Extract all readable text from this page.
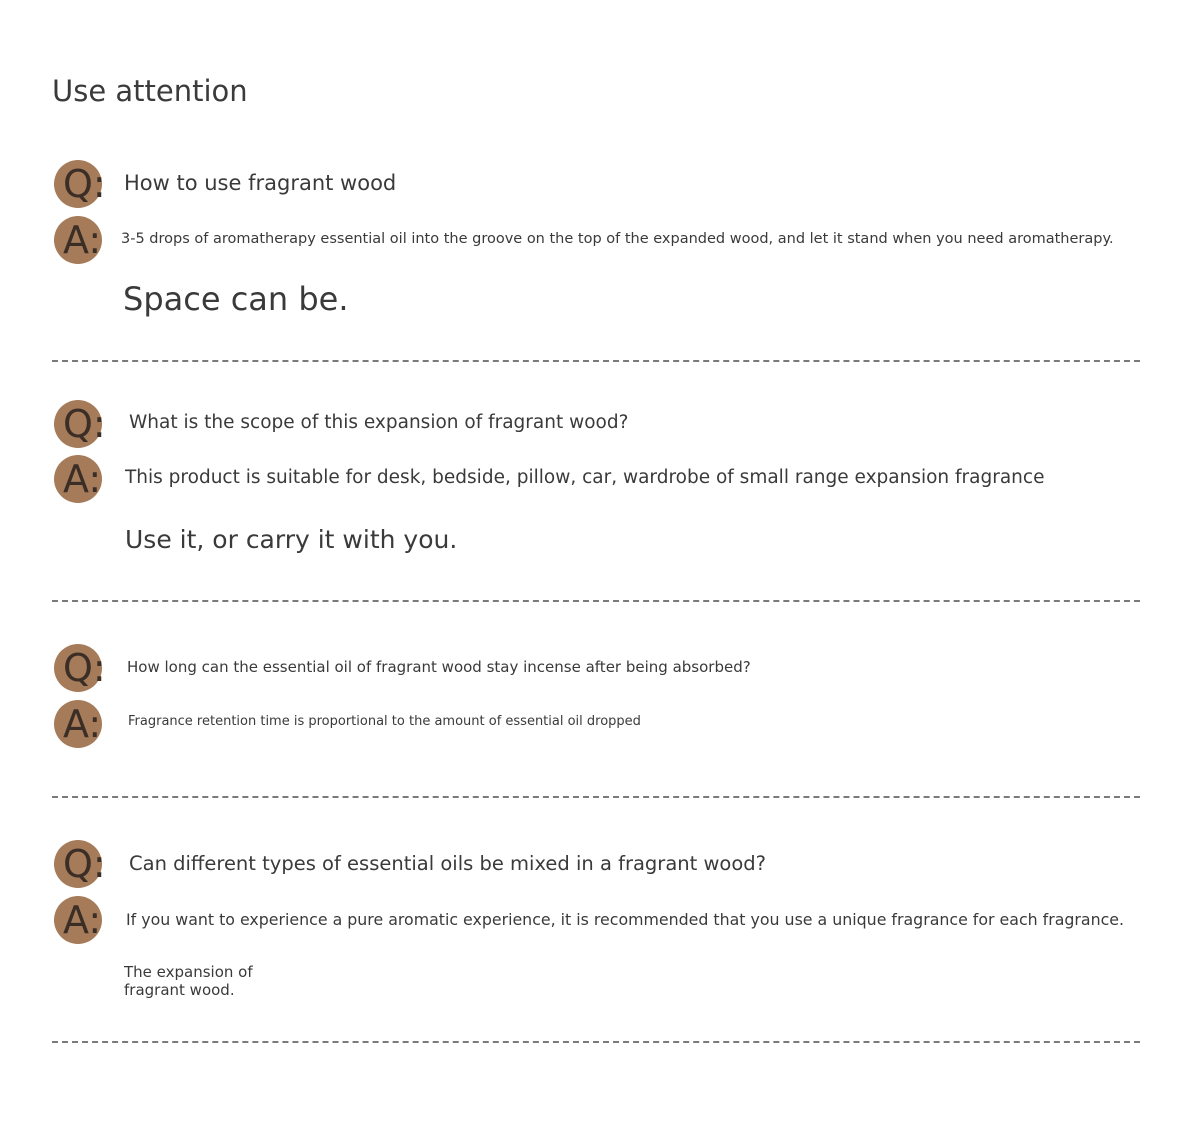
Use attention
Q: How to use fragrant wood

A: 3-5 drops of aromatherapy essential oil into the groove on the top of the expanded wood, and let it stand when you need aromatherapy.

Space can be.

Q: What is the scope of this expansion of fragrant wood?

A: This product is suitable for desk, bedside, pillow, car, wardrobe of small range expansion fragrance

Use it, or carry it with you.

Q: How long can the essential oil of fragrant wood stay incense after being absorbed?

A: Fragrance retention time is proportional to the amount of essential oil dropped

Q: Can different types of essential oils be mixed in a fragrant wood?

A: If you want to experience a pure aromatic experience, it is recommended that you use a unique fragrance for each fragrance.

The expansion of

fragrant wood.
